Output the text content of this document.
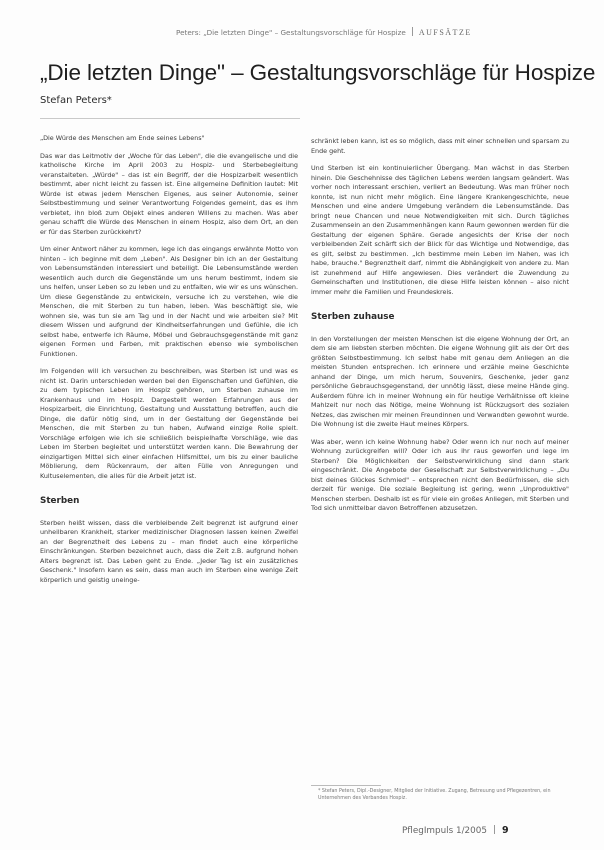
Peters: „Die letzten Dinge" – Gestaltungsvorschläge für Hospize AUFSÄTZE
„Die letzten Dinge" – Gestaltungsvorschläge für Hospize
Stefan Peters*

„Die Würde des Menschen am Ende seines Lebens"

Das war das Leitmotiv der „Woche für das Leben", die die evangelische und die katholische Kirche im April 2003 zu Hospiz- und Sterbebegleitung veranstalteten. „Würde" – das ist ein Begriff, der die Hospizarbeit wesentlich bestimmt, aber nicht leicht zu fassen ist. Eine allgemeine Definition lautet: Mit Würde ist etwas jedem Menschen Eigenes, aus seiner Autonomie, seiner Selbstbestimmung und seiner Verantwortung Folgendes gemeint, das es ihm verbietet, ihn bloß zum Objekt eines anderen Willens zu machen. Was aber genau schafft die Würde des Menschen in einem Hospiz, also dem Ort, an den er für das Sterben zurückkehrt?

Um einer Antwort näher zu kommen, lege ich das eingangs erwähnte Motto von hinten – ich beginne mit dem „Leben". Als Designer bin ich an der Gestaltung von Lebensumständen interessiert und beteiligt. Die Lebensumstände werden wesentlich auch durch die Gegenstände um uns herum bestimmt, indem sie uns helfen, unser Leben so zu leben und zu entfalten, wie wir es uns wünschen. Um diese Gegenstände zu entwickeln, versuche ich zu verstehen, wie die Menschen, die mit Sterben zu tun haben, leben. Was beschäftigt sie, wie wohnen sie, was tun sie am Tag und in der Nacht und wie arbeiten sie? Mit diesem Wissen und aufgrund der Kindheitserfahrungen und Gefühle, die ich selbst habe, entwerfe ich Räume, Möbel und Gebrauchsgegenstände mit ganz eigenen Formen und Farben, mit praktischen ebenso wie symbolischen Funktionen.

Im Folgenden will ich versuchen zu beschreiben, was Sterben ist und was es nicht ist. Darin unterschieden werden bei den Eigenschaften und Gefühlen, die zu dem typischen Leben im Hospiz gehören, um Sterben zuhause im Krankenhaus und im Hospiz. Dargestellt werden Erfahrungen aus der Hospizarbeit, die Einrichtung, Gestaltung und Ausstattung betreffen, auch die Dinge, die dafür nötig sind, um in der Gestaltung der Gegenstände bei Menschen, die mit Sterben zu tun haben, Aufwand einzige Rolle spielt. Vorschläge erfolgen wie ich sie schließlich beispielhafte Vorschläge, wie das Leben im Sterben begleitet und unterstützt werden kann. Die Bewahrung der einzigartigen Mittel sich einer einfachen Hilfsmittel, um bis zu einer bauliche Möblierung, dem Rückenraum, der alten Fülle von Anregungen und Kultuselementen, die alles für die Arbeit jetzt ist.

Sterben

Sterben heißt wissen, dass die verbleibende Zeit begrenzt ist aufgrund einer unheilbaren Krankheit, starker medizinischer Diagnosen lassen keinen Zweifel an der Begrenztheit des Lebens zu – man findet auch eine körperliche Einschränkungen. Sterben bezeichnet auch, dass die Zeit z.B. aufgrund hohen Alters begrenzt ist. Das Leben geht zu Ende. „Jeder Tag ist ein zusätzliches Geschenk." Insofern kann es sein, dass man auch im Sterben eine wenige Zeit körperlich und geistig uneinge-

schränkt leben kann, ist es so möglich, dass mit einer schnellen und sparsam zu Ende geht.

Und Sterben ist ein kontinuierlicher Übergang. Man wächst in das Sterben hinein. Die Geschehnisse des täglichen Lebens werden langsam geändert. Was vorher noch interessant erschien, verliert an Bedeutung. Was man früher noch konnte, ist nun nicht mehr möglich. Eine längere Krankengeschichte, neue Menschen und eine andere Umgebung verändern die Lebensumstände. Das bringt neue Chancen und neue Notwendigkeiten mit sich. Durch tägliches Zusammensein an den Zusammenhängen kann Raum gewonnen werden für die Gestaltung der eigenen Sphäre. Gerade angesichts der Krise der noch verbleibenden Zeit schärft sich der Blick für das Wichtige und Notwendige, das es gilt, selbst zu bestimmen. „Ich bestimme mein Leben im Nahen, was ich habe, brauche." Begrenztheit darf, nimmt die Abhängigkeit von andere zu. Man ist zunehmend auf Hilfe angewiesen. Dies verändert die Zuwendung zu Gemeinschaften und Institutionen, die diese Hilfe leisten können – also nicht immer mehr die Familien und Freundeskreis.

Sterben zuhause

In den Vorstellungen der meisten Menschen ist die eigene Wohnung der Ort, an dem sie am liebsten sterben möchten. Die eigene Wohnung gilt als der Ort des größten Selbstbestimmung. Ich selbst habe mit genau dem Anliegen an die meisten Stunden entsprechen. Ich erinnere und erzähle meine Geschichte anhand der Dinge, um mich herum, Souvenirs, Geschenke, jeder ganz persönliche Gebrauchsgegenstand, der unnötig lässt, diese meine Hände ging. Außerdem führe ich in meiner Wohnung ein für heutige Verhältnisse oft kleine Mahlzeit nur noch das Nötige, meine Wohnung ist Rückzugsort des sozialen Netzes, das zwischen mir meinen Freundinnen und Verwandten gewohnt wurde. Die Wohnung ist die zweite Haut meines Körpers.

Was aber, wenn ich keine Wohnung habe? Oder wenn ich nur noch auf meiner Wohnung zurückgreifen will? Oder ich aus ihr raus geworfen und lege im Sterben? Die Möglichkeiten der Selbstverwirklichung sind dann stark eingeschränkt. Die Angebote der Gesellschaft zur Selbstverwirklichung – „Du bist deines Glückes Schmied" – entsprechen nicht den Bedürfnissen, die sich derzeit für wenige. Die soziale Begleitung ist gering, wenn „Unproduktive" Menschen sterben. Deshalb ist es für viele ein großes Anliegen, mit Sterben und Tod sich unmittelbar davon Betroffenen abzusetzen.

* Stefan Peters, Dipl.-Designer, Mitglied der Initiative. Zugang, Betreuung und Pflegezentren, ein Unternehmen des Verbandes Hospiz.
PflegImpuls 1/2005 9
